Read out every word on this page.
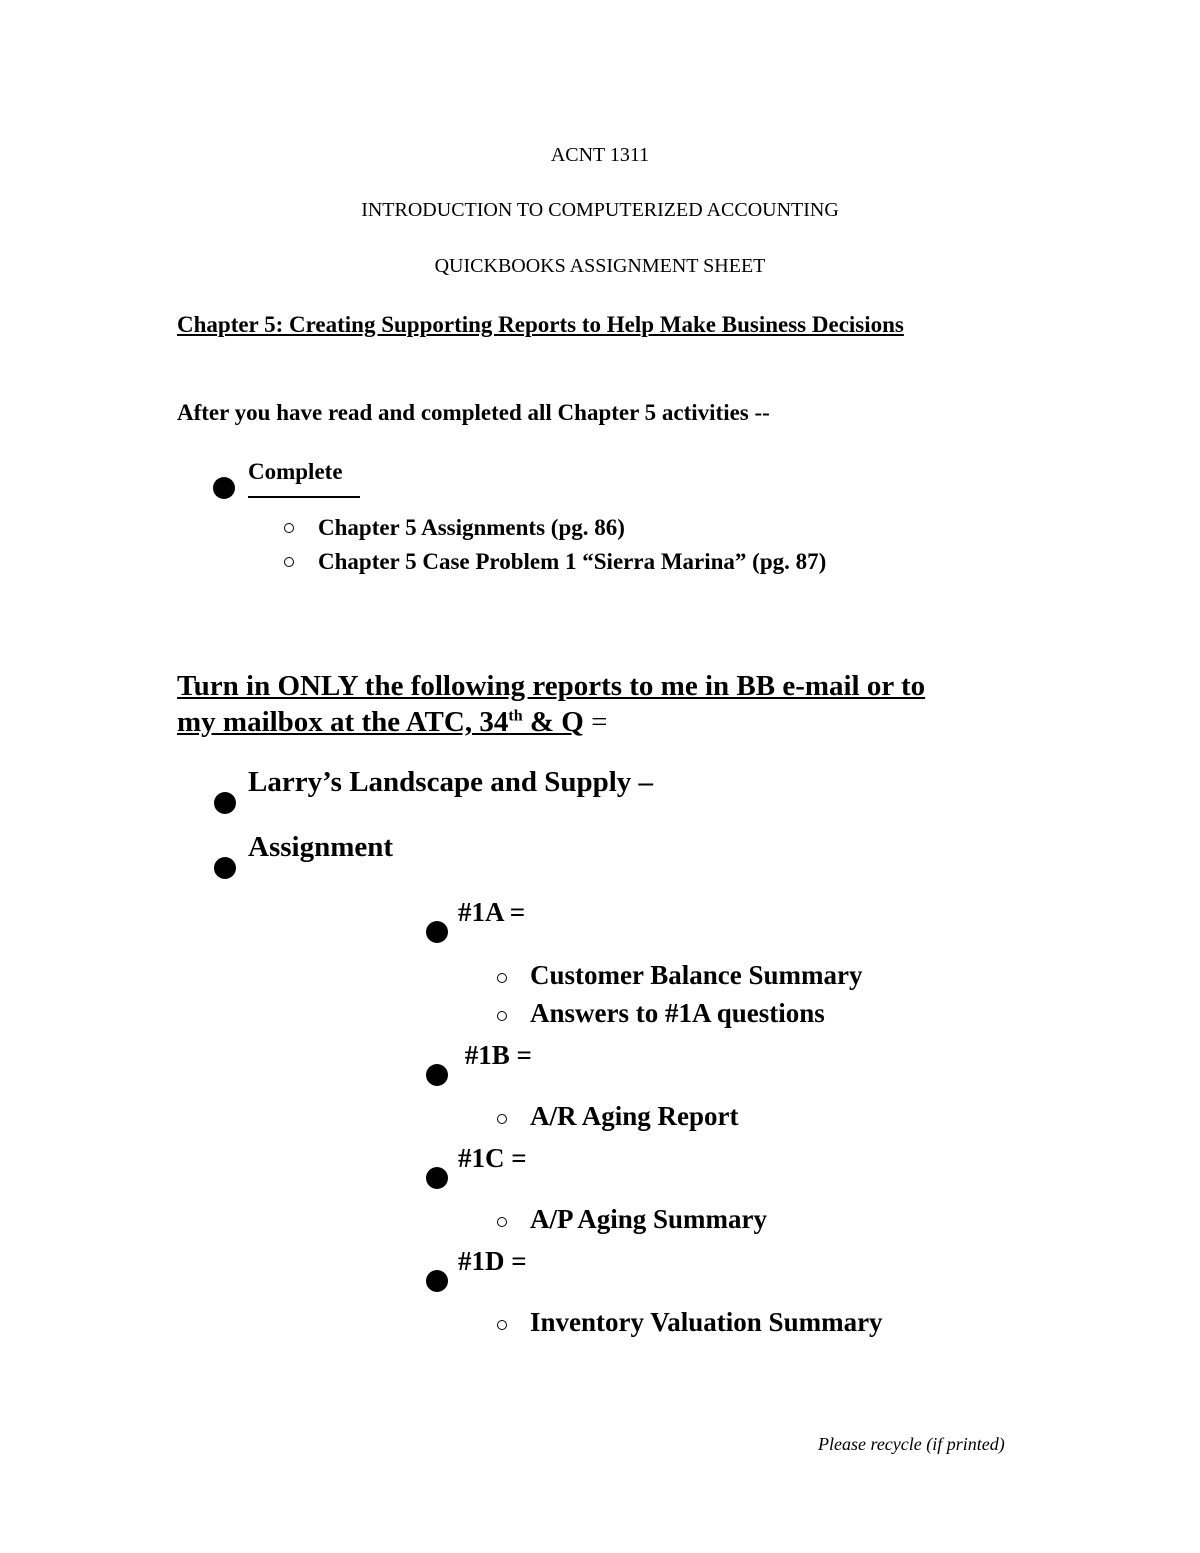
ACNT 1311
INTRODUCTION TO COMPUTERIZED ACCOUNTING
QUICKBOOKS ASSIGNMENT SHEET
Chapter 5: Creating Supporting Reports to Help Make Business Decisions
After you have read and completed all Chapter 5 activities --
Complete
Chapter 5 Assignments (pg. 86)
Chapter 5 Case Problem 1 “Sierra Marina” (pg. 87)
Turn in ONLY the following reports to me in BB e-mail or to
my mailbox at the ATC, 34th & Q =
Larry’s Landscape and Supply –
Assignment
#1A =
Customer Balance Summary
Answers to #1A questions
#1B =
A/R Aging Report
#1C =
A/P Aging Summary
#1D =
Inventory Valuation Summary
Please recycle (if printed)
